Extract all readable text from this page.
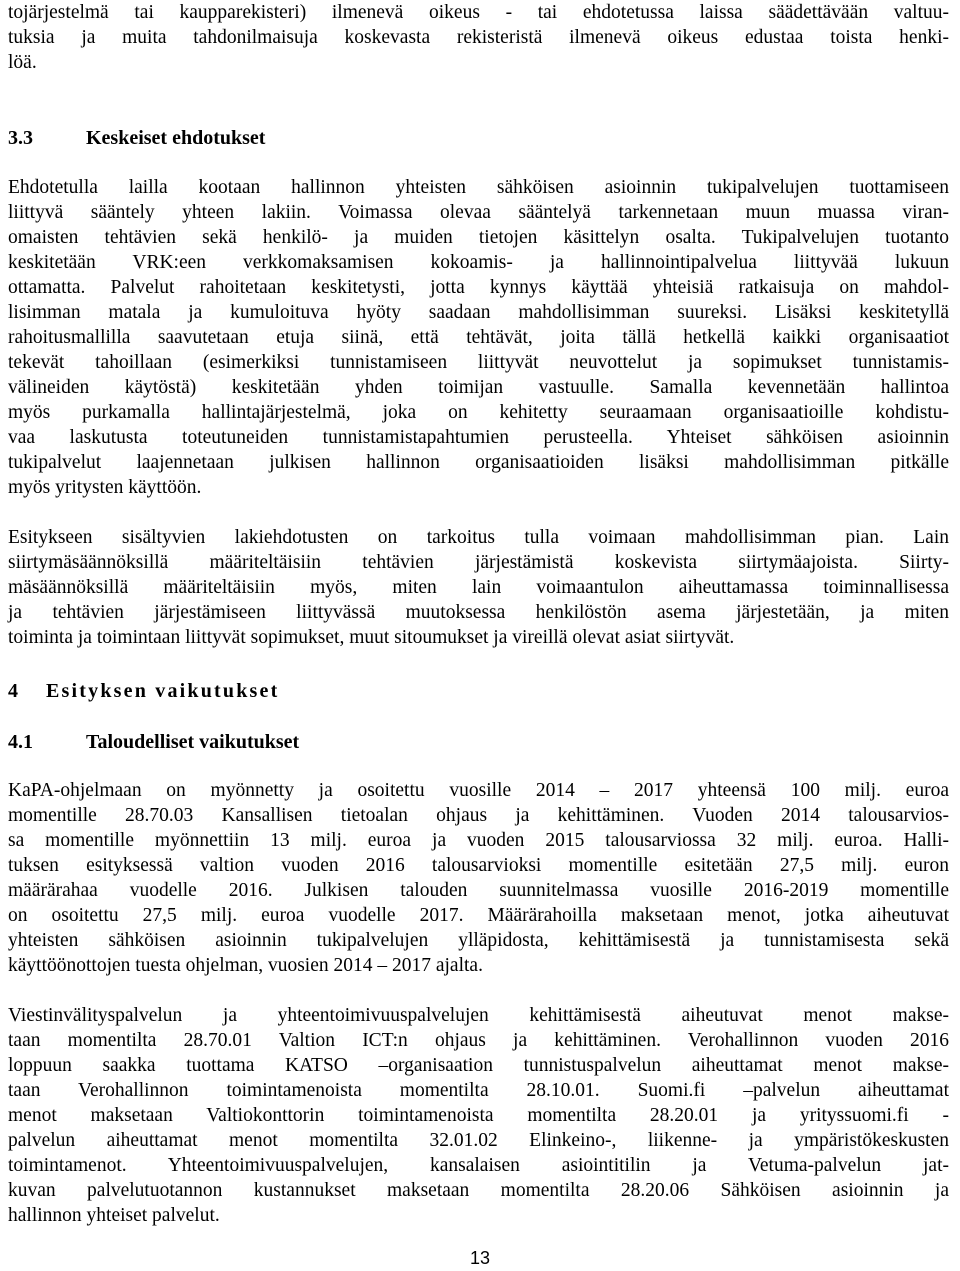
tojärjestelmä tai kaupparekisteri) ilmenevä oikeus - tai ehdotetussa laissa säädettävään valtuu-

tuksia ja muita tahdonilmaisuja koskevasta rekisteristä ilmenevä oikeus edustaa toista henki-

löä.

3.3	Keskeiset ehdotukset

Ehdotetulla lailla kootaan hallinnon yhteisten sähköisen asioinnin tukipalvelujen tuottamiseen

liittyvä sääntely yhteen lakiin. Voimassa olevaa sääntelyä tarkennetaan muun muassa viran-

omaisten tehtävien sekä henkilö- ja muiden tietojen käsittelyn osalta. Tukipalvelujen tuotanto

keskitetään VRK:een verkkomaksamisen kokoamis- ja hallinnointipalvelua liittyvää lukuun

ottamatta. Palvelut rahoitetaan keskitetysti, jotta kynnys käyttää yhteisiä ratkaisuja on mahdol-

lisimman matala ja kumuloituva hyöty saadaan mahdollisimman suureksi. Lisäksi keskitetyllä

rahoitusmallilla saavutetaan etuja siinä, että tehtävät, joita tällä hetkellä kaikki organisaatiot

tekevät tahoillaan (esimerkiksi tunnistamiseen liittyvät neuvottelut ja sopimukset tunnistamis-

välineiden käytöstä) keskitetään yhden toimijan vastuulle. Samalla kevennetään hallintoa

myös purkamalla hallintajärjestelmä, joka on kehitetty seuraamaan organisaatioille kohdistu-

vaa laskutusta toteutuneiden tunnistamistapahtumien perusteella. Yhteiset sähköisen asioinnin

tukipalvelut laajennetaan julkisen hallinnon organisaatioiden lisäksi mahdollisimman pitkälle

myös yritysten käyttöön.

Esitykseen sisältyvien lakiehdotusten on tarkoitus tulla voimaan mahdollisimman pian. Lain

siirtymäsäännöksillä määriteltäisiin tehtävien järjestämistä koskevista siirtymäajoista. Siirty-

mäsäännöksillä määriteltäisiin myös, miten lain voimaantulon aiheuttamassa toiminnallisessa

ja tehtävien järjestämiseen liittyvässä muutoksessa henkilöstön asema järjestetään, ja miten

toiminta ja toimintaan liittyvät sopimukset, muut sitoumukset ja vireillä olevat asiat siirtyvät.

4 Esityksen vaikutukset
4.1	Taloudelliset vaikutukset

KaPA-ohjelmaan on myönnetty ja osoitettu vuosille 2014 – 2017 yhteensä 100 milj. euroa

momentille 28.70.03 Kansallisen tietoalan ohjaus ja kehittäminen. Vuoden 2014 talousarvios-

sa momentille myönnettiin 13 milj. euroa ja vuoden 2015 talousarviossa 32 milj. euroa. Halli-

tuksen esityksessä valtion vuoden 2016 talousarvioksi momentille esitetään 27,5 milj. euron

määrärahaa vuodelle 2016. Julkisen talouden suunnitelmassa vuosille 2016-2019 momentille

on osoitettu 27,5 milj. euroa vuodelle 2017. Määrärahoilla maksetaan menot, jotka aiheutuvat

yhteisten sähköisen asioinnin tukipalvelujen ylläpidosta, kehittämisestä ja tunnistamisesta sekä

käyttöönottojen tuesta ohjelman, vuosien 2014 – 2017 ajalta.

Viestinvälityspalvelun ja yhteentoimivuuspalvelujen kehittämisestä aiheutuvat menot makse-

taan momentilta 28.70.01 Valtion ICT:n ohjaus ja kehittäminen. Verohallinnon vuoden 2016

loppuun saakka tuottama KATSO –organisaation tunnistuspalvelun aiheuttamat menot makse-

taan Verohallinnon toimintamenoista momentilta 28.10.01. Suomi.fi –palvelun aiheuttamat

menot maksetaan Valtiokonttorin toimintamenoista momentilta 28.20.01 ja yrityssuomi.fi -

palvelun aiheuttamat menot momentilta 32.01.02 Elinkeino-, liikenne- ja ympäristökeskusten

toimintamenot. Yhteentoimivuuspalvelujen, kansalaisen asiointitilin ja Vetuma-palvelun jat-

kuvan palvelutuotannon kustannukset maksetaan momentilta 28.20.06 Sähköisen asioinnin ja

hallinnon yhteiset palvelut.

13
